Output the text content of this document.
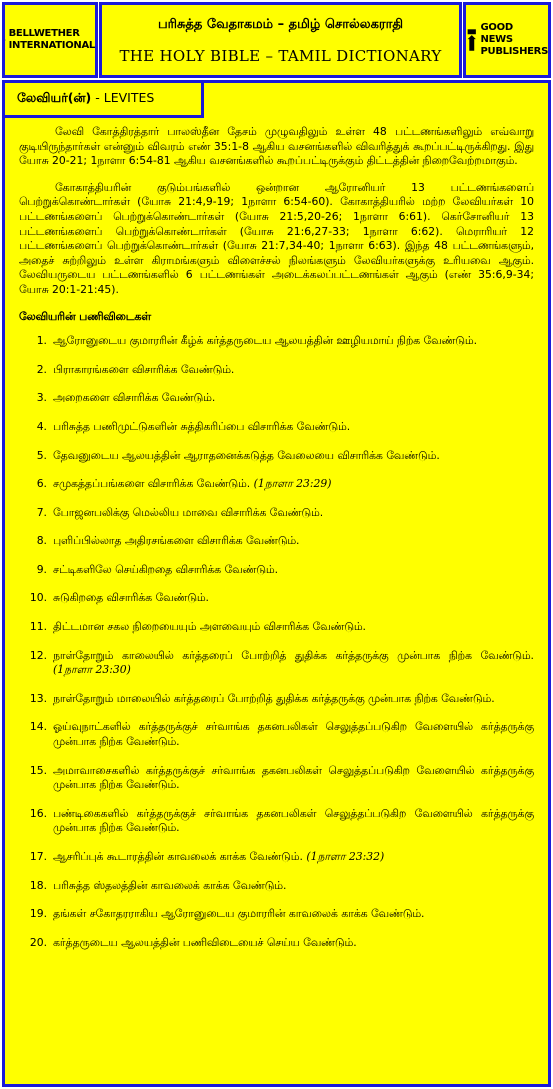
BELLWETHER
INTERNATIONAL
பரிசுத்த வேதாகமம் – தமிழ் சொல்லகராதி
THE HOLY BIBLE – TAMIL DICTIONARY
GOOD NEWS
PUBLISHERS

லேவி கோத்திரத்தார் பாலஸ்தீன தேசம் முழுவதிலும் உள்ள 48 பட்டணங்களிலும் எவ்வாறு குடியிருந்தார்கள் என்னும் விவரம் எண் 35:1-8 ஆகிய வசனங்களில் விவரித்துக் கூறப்பட்டிருக்கிறது. இது யோசு 20-21; 1நாளா 6:54-81 ஆகிய வசனங்களில் கூறப்பட்டிருக்கும் திட்டத்தின் நிறைவேற்றமாகும்.

கோகாத்தியரின் குடும்பங்களில் ஒன்றான ஆரோனியர் 13 பட்டணங்களைப் பெற்றுக்கொண்டார்கள் (யோசு 21:4,9-19; 1நாளா 6:54-60). கோகாத்தியரில் மற்ற லேவியர்கள் 10 பட்டணங்களைப் பெற்றுக்கொண்டார்கள் (யோசு 21:5,20-26; 1நாளா 6:61). கெர்சோனியர் 13 பட்டணங்களைப் பெற்றுக்கொண்டார்கள் (யோசு 21:6,27-33; 1நாளா 6:62). மெராரியர் 12 பட்டணங்களைப் பெற்றுக்கொண்டார்கள் (யோசு 21:7,34-40; 1நாளா 6:63). இந்த 48 பட்டணங்களும், அதைச் சுற்றிலும் உள்ள கிராமங்களும் விளைச்சல் நிலங்களும் லேவியர்களுக்கு உரியவை ஆகும். லேவியருடைய பட்டணங்களில் 6 பட்டணங்கள் அடைக்கலப்பட்டணங்கள் ஆகும் (எண் 35:6,9-34; யோசு 20:1-21:45).

லேவியரின் பணிவிடைகள்
1. ஆரோனுடைய குமாரரின் கீழ்க் கர்த்தருடைய ஆலயத்தின் ஊழியமாய் நிற்க வேண்டும்.
2. பிராகாரங்களை விசாரிக்க வேண்டும்.
3. அறைகளை விசாரிக்க வேண்டும்.
4. பரிசுத்த பணிமுட்டுகளின் சுத்திகரிப்பை விசாரிக்க வேண்டும்.
5. தேவனுடைய ஆலயத்தின் ஆராதனைக்கடுத்த வேலையை விசாரிக்க வேண்டும்.
6. சமுகத்தப்பங்களை விசாரிக்க வேண்டும். (1நாளா 23:29)
7. போஜனபலிக்கு மெல்லிய மாவை விசாரிக்க வேண்டும்.
8. புளிப்பில்லாத அதிரசங்களை விசாரிக்க வேண்டும்.
9. சட்டிகளிலே செய்கிறதை விசாரிக்க வேண்டும்.
10. சுடுகிறதை விசாரிக்க வேண்டும்.
11. திட்டமான சகல நிறையையும் அளவையும் விசாரிக்க வேண்டும்.
12. நாள்தோறும் காலையில் கர்த்தரைப் போற்றித் துதிக்க கர்த்தருக்கு முன்பாக நிற்க வேண்டும். (1நாளா 23:30)
13. நாள்தோறும் மாலையில் கர்த்தரைப் போற்றித் துதிக்க கர்த்தருக்கு முன்பாக நிற்க வேண்டும்.
14. ஓய்வுநாட்களில் கர்த்தருக்குச் சர்வாங்க தகனபலிகள் செலுத்தப்படுகிற வேளையில் கர்த்தருக்கு முன்பாக நிற்க வேண்டும்.
15. அமாவாசைகளில் கர்த்தருக்குச் சர்வாங்க தகனபலிகள் செலுத்தப்படுகிற வேளையில் கர்த்தருக்கு முன்பாக நிற்க வேண்டும்.
16. பண்டிகைகளில் கர்த்தருக்குச் சர்வாங்க தகனபலிகள் செலுத்தப்படுகிற வேளையில் கர்த்தருக்கு முன்பாக நிற்க வேண்டும்.
17. ஆசரிப்புக் கூடாரத்தின் காவலைக் காக்க வேண்டும். (1நாளா 23:32)
18. பரிசுத்த ஸ்தலத்தின் காவலைக் காக்க வேண்டும்.
19. தங்கள் சகோதரராகிய ஆரோனுடைய குமாரரின் காவலைக் காக்க வேண்டும்.
20. கர்த்தருடைய ஆலயத்தின் பணிவிடையைச் செய்ய வேண்டும்.
லேவியர்(ன்) - LEVITES
